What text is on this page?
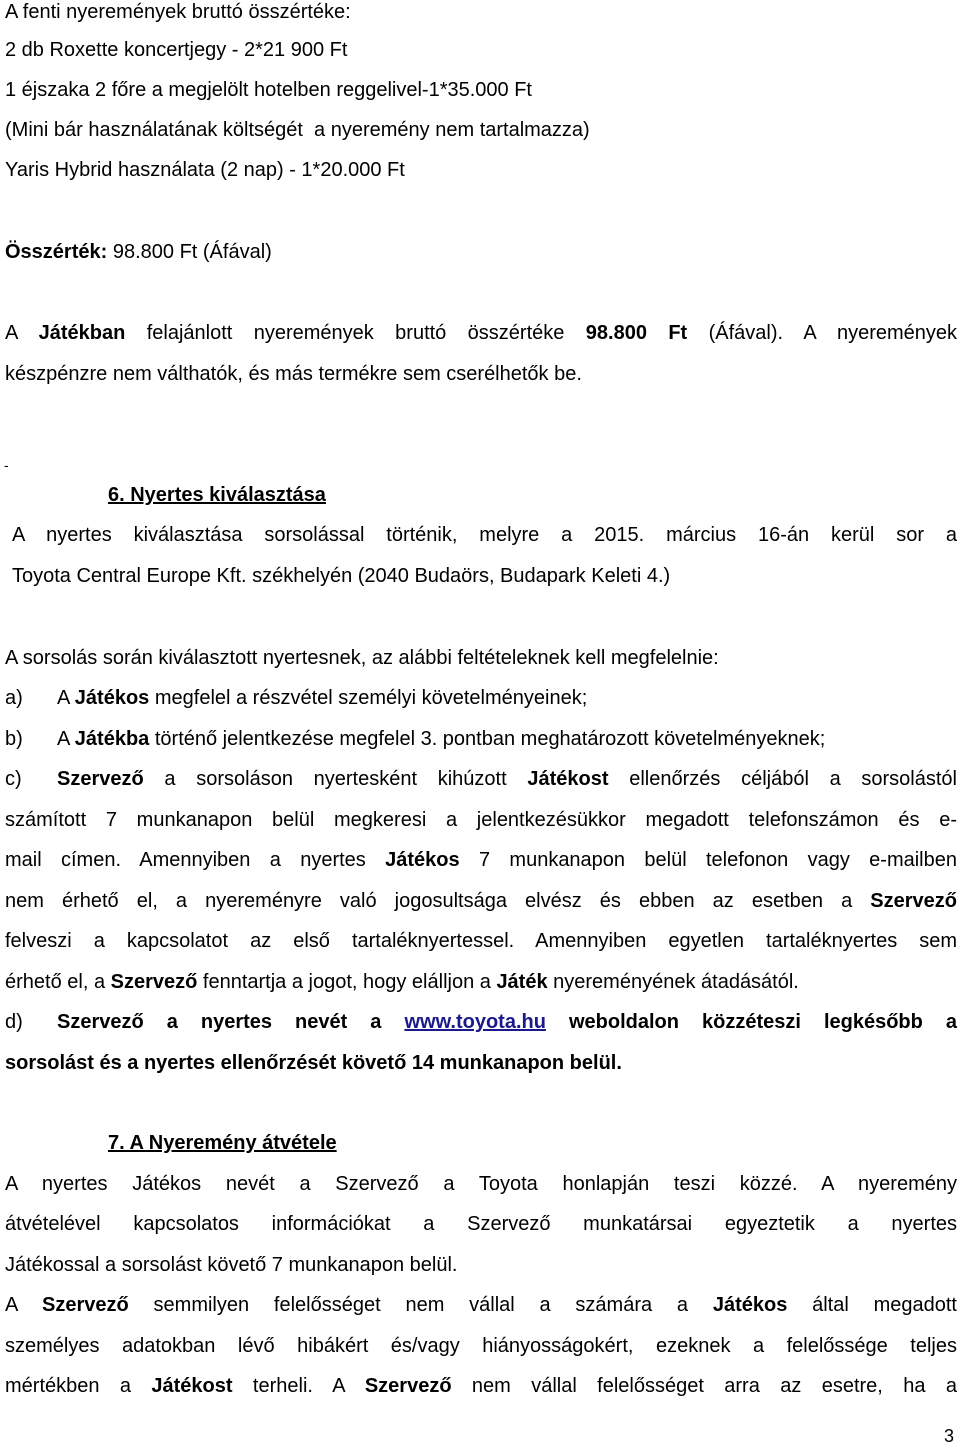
A fenti nyeremények bruttó összértéke:
2 db Roxette koncertjegy - 2*21 900 Ft
1 éjszaka 2 főre a megjelölt hotelben reggelivel-1*35.000 Ft
(Mini bár használatának költségét  a nyeremény nem tartalmazza)
Yaris Hybrid használata (2 nap) - 1*20.000 Ft
Összérték: 98.800 Ft (Áfával)
A Játékban felajánlott nyeremények bruttó összértéke 98.800 Ft (Áfával). A nyeremények
készpénzre nem válthatók, és más termékre sem cserélhetők be.
-
6. Nyertes kiválasztása
A nyertes kiválasztása sorsolással történik, melyre a 2015. március 16-án kerül sor a
Toyota Central Europe Kft. székhelyén (2040 Budaörs, Budapark Keleti 4.)
A sorsolás során kiválasztott nyertesnek, az alábbi feltételeknek kell megfelelnie:
a) A Játékos megfelel a részvétel személyi követelményeinek;
b) A Játékba történő jelentkezése megfelel 3. pontban meghatározott követelményeknek;
c) Szervező a sorsoláson nyertesként kihúzott Játékost ellenőrzés céljából a sorsolástól
számított 7 munkanapon belül megkeresi a jelentkezésükkor megadott telefonszámon és e-
mail címen. Amennyiben a nyertes Játékos 7 munkanapon belül telefonon vagy e-mailben
nem érhető el, a nyereményre való jogosultsága elvész és ebben az esetben a Szervező
felveszi a kapcsolatot az első tartaléknyertessel. Amennyiben egyetlen tartaléknyertes sem
érhető el, a Szervező fenntartja a jogot, hogy elálljon a Játék nyereményének átadásától.
d) Szervező a nyertes nevét a www.toyota.hu weboldalon közzéteszi legkésőbb a
sorsolást és a nyertes ellenőrzését követő 14 munkanapon belül.
7. A Nyeremény átvétele
A nyertes Játékos nevét a Szervező a Toyota honlapján teszi közzé. A nyeremény
átvételével kapcsolatos információkat a Szervező munkatársai egyeztetik a nyertes
Játékossal a sorsolást követő 7 munkanapon belül.
A Szervező semmilyen felelősséget nem vállal a számára a Játékos által megadott
személyes adatokban lévő hibákért és/vagy hiányosságokért, ezeknek a felelőssége teljes
mértékben a Játékost terheli. A Szervező nem vállal felelősséget arra az esetre, ha a
3
